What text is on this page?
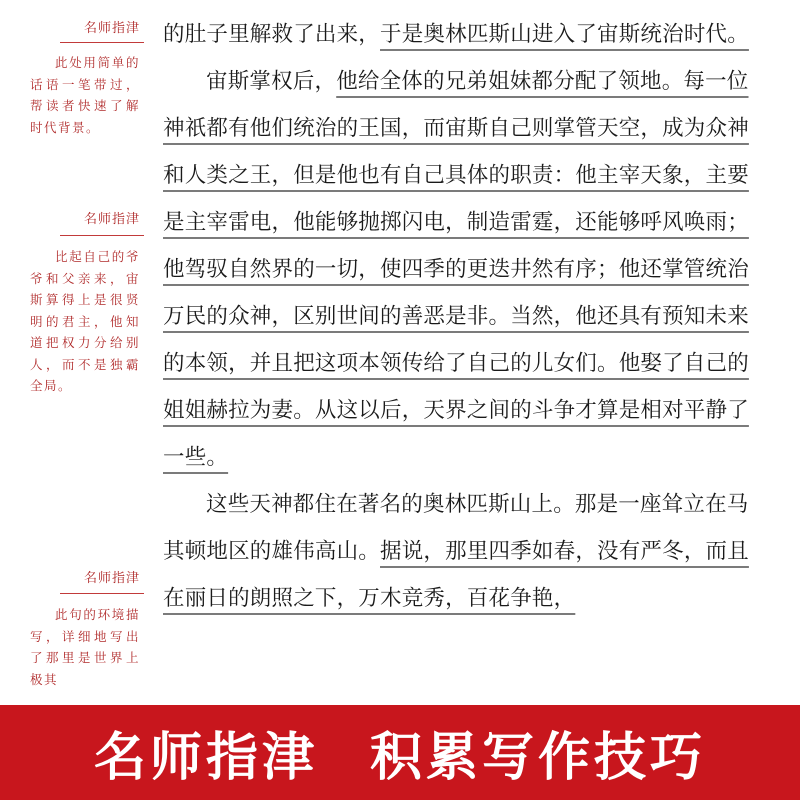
名师指津
此处用简单的话语一笔带过，帮读者快速了解时代背景。
名师指津
比起自己的爷爷和父亲来，宙斯算得上是很贤明的君主，他知道把权力分给别人，而不是独霸全局。
名师指津
此句的环境描写，详细地写出了那里是世界上极其

的肚子里解救了出来，于是奥林匹斯山进入了宙斯统治时代。

宙斯掌权后，他给全体的兄弟姐妹都分配了领地。每一位神祇都有他们统治的王国，而宙斯自己则掌管天空，成为众神和人类之王，但是他也有自己具体的职责：他主宰天象，主要是主宰雷电，他能够抛掷闪电，制造雷霆，还能够呼风唤雨；他驾驭自然界的一切，使四季的更迭井然有序；他还掌管统治万民的众神，区别世间的善恶是非。当然，他还具有预知未来的本领，并且把这项本领传给了自己的儿女们。他娶了自己的姐姐赫拉为妻。从这以后，天界之间的斗争才算是相对平静了一些。

这些天神都住在著名的奥林匹斯山上。那是一座耸立在马其顿地区的雄伟高山。据说，那里四季如春，没有严冬，而且在丽日的朗照之下，万木竞秀，百花争艳，

名师指津 积累写作技巧
